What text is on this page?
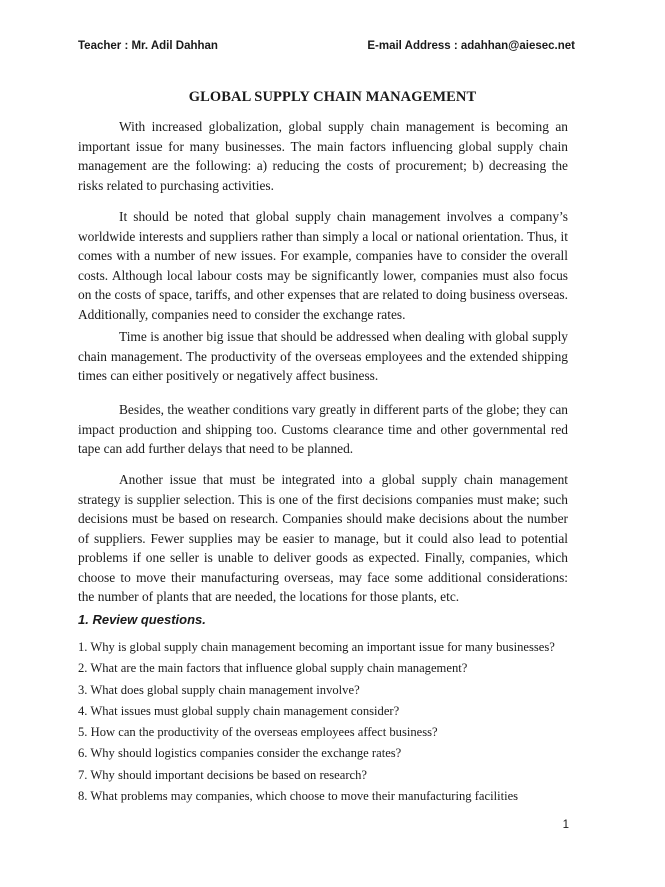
Teacher : Mr. Adil Dahhan	E-mail Address : adahhan@aiesec.net
GLOBAL SUPPLY CHAIN MANAGEMENT

With increased globalization, global supply chain management is becoming an important issue for many businesses. The main factors influencing global supply chain management are the following: a) reducing the costs of procurement; b) decreasing the risks related to purchasing activities.

It should be noted that global supply chain management involves a company’s worldwide interests and suppliers rather than simply a local or national orientation. Thus, it comes with a number of new issues. For example, companies have to consider the overall costs. Although local labour costs may be significantly lower, companies must also focus on the costs of space, tariffs, and other expenses that are related to doing business overseas. Additionally, companies need to consider the exchange rates.

Time is another big issue that should be addressed when dealing with global supply chain management. The productivity of the overseas employees and the extended shipping times can either positively or negatively affect business.

Besides, the weather conditions vary greatly in different parts of the globe; they can impact production and shipping too. Customs clearance time and other governmental red tape can add further delays that need to be planned.

Another issue that must be integrated into a global supply chain management strategy is supplier selection. This is one of the first decisions companies must make; such decisions must be based on research. Companies should make decisions about the number of suppliers. Fewer supplies may be easier to manage, but it could also lead to potential problems if one seller is unable to deliver goods as expected. Finally, companies, which choose to move their manufacturing overseas, may face some additional considerations: the number of plants that are needed, the locations for those plants, etc.

1. Review questions.
1. Why is global supply chain management becoming an important issue for many businesses?
2. What are the main factors that influence global supply chain management?
3. What does global supply chain management involve?
4. What issues must global supply chain management consider?
5. How can the productivity of the overseas employees affect business?
6. Why should logistics companies consider the exchange rates?
7. Why should important decisions be based on research?
8. What problems may companies, which choose to move their manufacturing facilities
1
